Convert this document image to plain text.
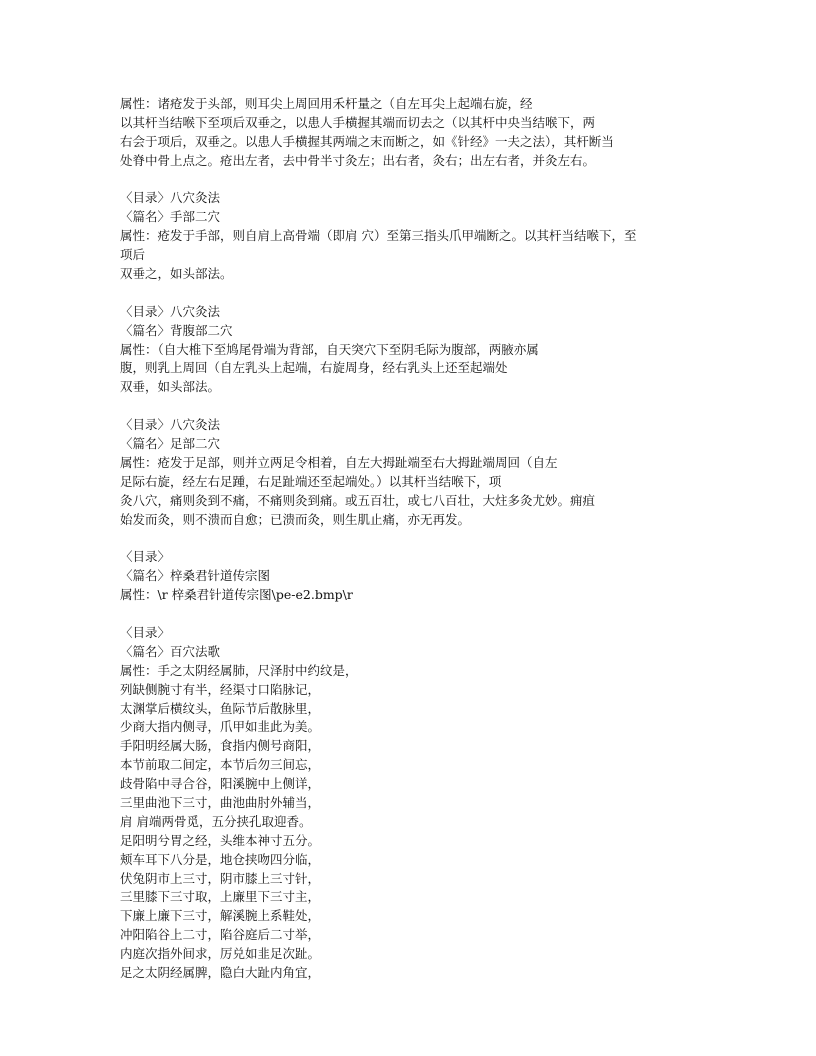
属性：诸疮发于头部，则耳尖上周回用禾杆量之（自左耳尖上起端右旋，经
以其杆当结喉下至项后双垂之，以患人手横握其端而切去之（以其杆中央当结喉下，两
右会于项后，双垂之。以患人手横握其两端之末而断之，如《针经》一夫之法），其杆断当
处脊中骨上点之。疮出左者，去中骨半寸灸左；出右者，灸右；出左右者，并灸左右。
〈目录〉八穴灸法
〈篇名〉手部二穴
属性：疮发于手部，则自肩上高骨端（即肩 穴）至第三指头爪甲端断之。以其杆当结喉下，至
项后
双垂之，如头部法。
〈目录〉八穴灸法
〈篇名〉背腹部二穴
属性：（自大椎下至鸠尾骨端为背部，自天突穴下至阴毛际为腹部，两腋亦属
腹，则乳上周回（自左乳头上起端，右旋周身，经右乳头上还至起端处
双垂，如头部法。
〈目录〉八穴灸法
〈篇名〉足部二穴
属性：疮发于足部，则并立两足令相着，自左大拇趾端至右大拇趾端周回（自左
足际右旋，经左右足踵，右足趾端还至起端处。）以其杆当结喉下，项
灸八穴，痛则灸到不痛，不痛则灸到痛。或五百壮，或七八百壮，大炷多灸尤妙。痈疽
始发而灸，则不溃而自愈；已溃而灸，则生肌止痛，亦无再发。
〈目录〉
〈篇名〉梓桑君针道传宗图
属性：\r 梓桑君针道传宗图\pe-e2.bmp\r
〈目录〉
〈篇名〉百穴法歌
属性：手之太阴经属肺，尺泽肘中约纹是，
列缺侧腕寸有半，经渠寸口陷脉记，
太渊掌后横纹头，鱼际节后散脉里，
少商大指内侧寻，爪甲如韭此为美。
手阳明经属大肠，食指内侧号商阳，
本节前取二间定，本节后勿三间忘，
歧骨陷中寻合谷，阳溪腕中上侧详，
三里曲池下三寸，曲池曲肘外辅当，
肩 肩端两骨觅，五分挟孔取迎香。
足阳明兮胃之经，头维本神寸五分。
颊车耳下八分是，地仓挟吻四分临，
伏兔阴市上三寸，阴市膝上三寸针，
三里膝下三寸取，上廉里下三寸主，
下廉上廉下三寸，解溪腕上系鞋处，
冲阳陷谷上二寸，陷谷庭后二寸举，
内庭次指外间求，厉兑如韭足次趾。
足之太阴经属脾，隐白大趾内角宜，
